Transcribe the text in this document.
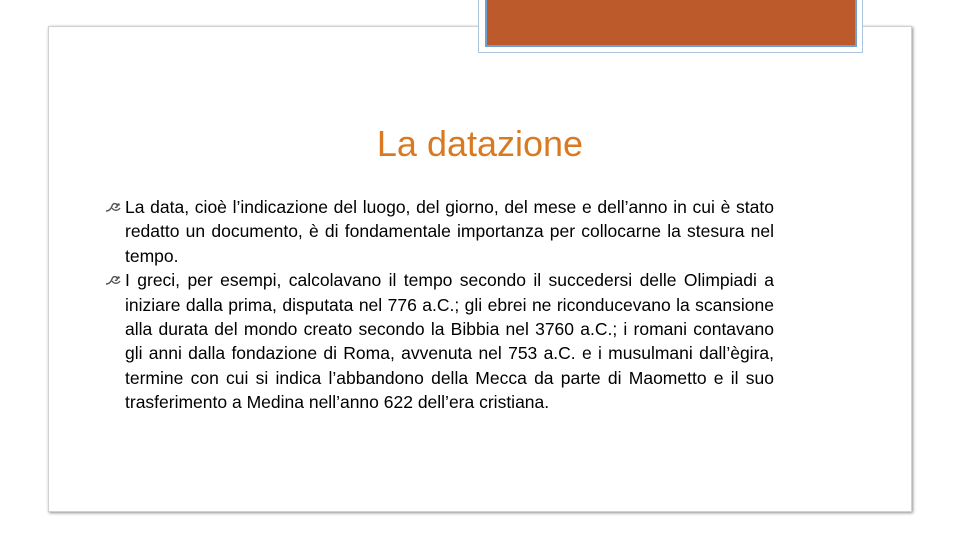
La datazione
La data, cioè l’indicazione del luogo, del giorno, del mese e dell’anno in cui è stato redatto un documento, è di fondamentale importanza per collocarne la stesura nel tempo.
I greci, per esempi, calcolavano il tempo secondo il succedersi delle Olimpiadi a iniziare dalla prima, disputata nel 776 a.C.; gli ebrei ne riconducevano la scansione alla durata del mondo creato secondo la Bibbia nel 3760 a.C.; i romani contavano gli anni dalla fondazione di Roma, avvenuta nel 753 a.C. e i musulmani dall’ègira, termine con cui si indica l’abbandono della Mecca da parte di Maometto e il suo trasferimento a Medina nell’anno 622 dell’era cristiana.
